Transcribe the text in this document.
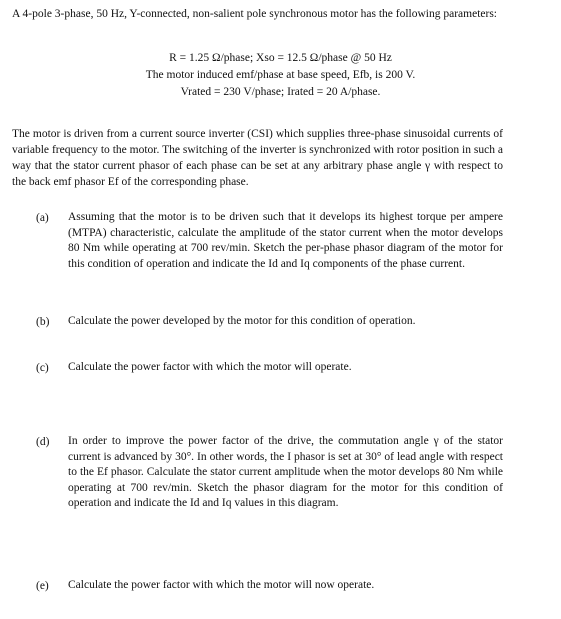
A 4-pole 3-phase, 50 Hz, Y-connected, non-salient pole synchronous motor has the following parameters:
R = 1.25 Ω/phase; Xso = 12.5 Ω/phase @ 50 Hz
The motor induced emf/phase at base speed, Efb, is 200 V.
Vrated = 230 V/phase; Irated = 20 A/phase.
The motor is driven from a current source inverter (CSI) which supplies three-phase sinusoidal currents of variable frequency to the motor. The switching of the inverter is synchronized with rotor position in such a way that the stator current phasor of each phase can be set at any arbitrary phase angle γ with respect to the back emf phasor Ef of the corresponding phase.
(a)	Assuming that the motor is to be driven such that it develops its highest torque per ampere (MTPA) characteristic, calculate the amplitude of the stator current when the motor develops 80 Nm while operating at 700 rev/min. Sketch the per-phase phasor diagram of the motor for this condition of operation and indicate the Id and Iq components of the phase current.
(b)	Calculate the power developed by the motor for this condition of operation.
(c)	Calculate the power factor with which the motor will operate.
(d)	In order to improve the power factor of the drive, the commutation angle γ of the stator current is advanced by 30°. In other words, the I phasor is set at 30° of lead angle with respect to the Ef phasor. Calculate the stator current amplitude when the motor develops 80 Nm while operating at 700 rev/min. Sketch the phasor diagram for the motor for this condition of operation and indicate the Id and Iq values in this diagram.
(e)	Calculate the power factor with which the motor will now operate.
